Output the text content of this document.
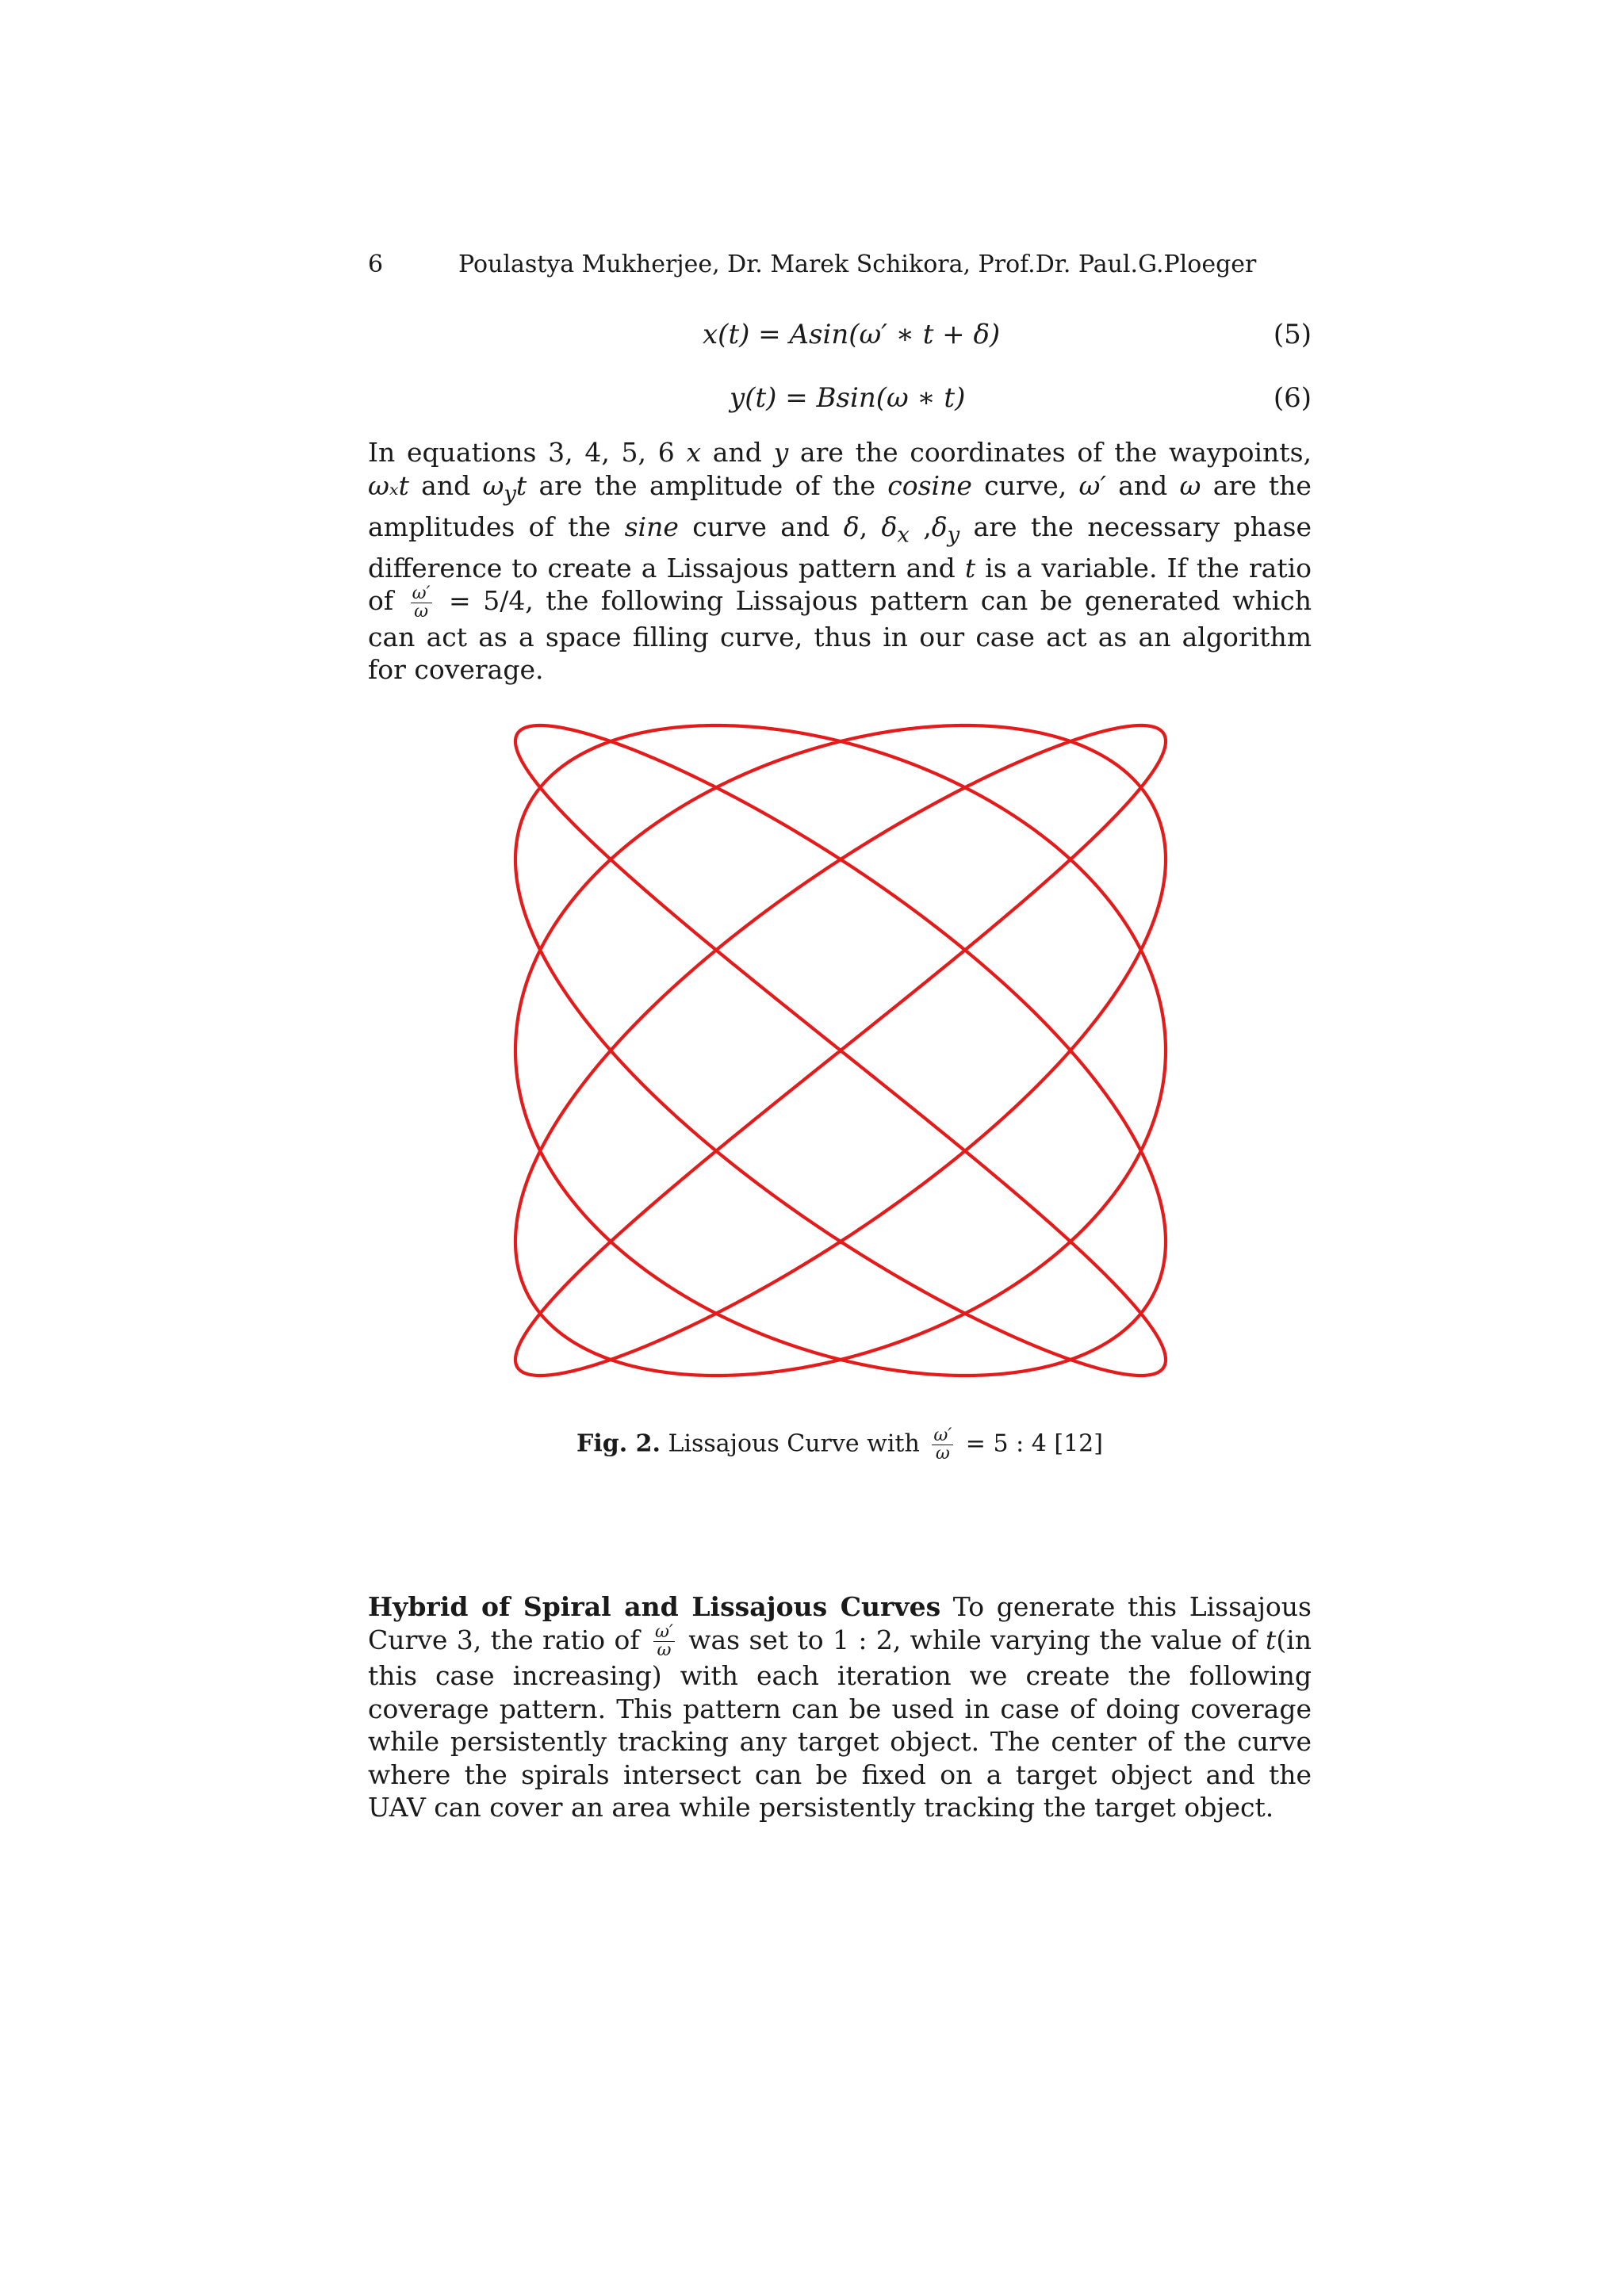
6	Poulastya Mukherjee, Dr. Marek Schikora, Prof.Dr. Paul.G.Ploeger
x(t) = Asin(ω′ ∗ t + δ)	(5)
y(t) = Bsin(ω ∗ t)	(6)
In equations 3, 4, 5, 6 x and y are the coordinates of the waypoints, ωₓt and $\omega_yt$ are the amplitude of the cosine curve, ω′ and ω are the amplitudes of the sine curve and δ, $\delta_x$ $,\delta_y$ are the necessary phase difference to create a Lissajous pattern and t is a variable. If the ratio of $\frac{\omega'}{\omega} = 5/4$, the following Lissajous pattern can be generated which can act as a space filling curve, thus in our case act as an algorithm for coverage.
Fig. 2. Lissajous Curve with $\frac{\omega'}{\omega} = 5$ : 4 [12]
Hybrid of Spiral and Lissajous Curves To generate this Lissajous Curve 3, the ratio of $\frac{\omega'}{\omega}$ was set to 1 : 2, while varying the value of t(in this case increasing) with each iteration we create the following coverage pattern. This pattern can be used in case of doing coverage while persistently tracking any target object. The center of the curve where the spirals intersect can be fixed on a target object and the UAV can cover an area while persistently tracking the target object.
